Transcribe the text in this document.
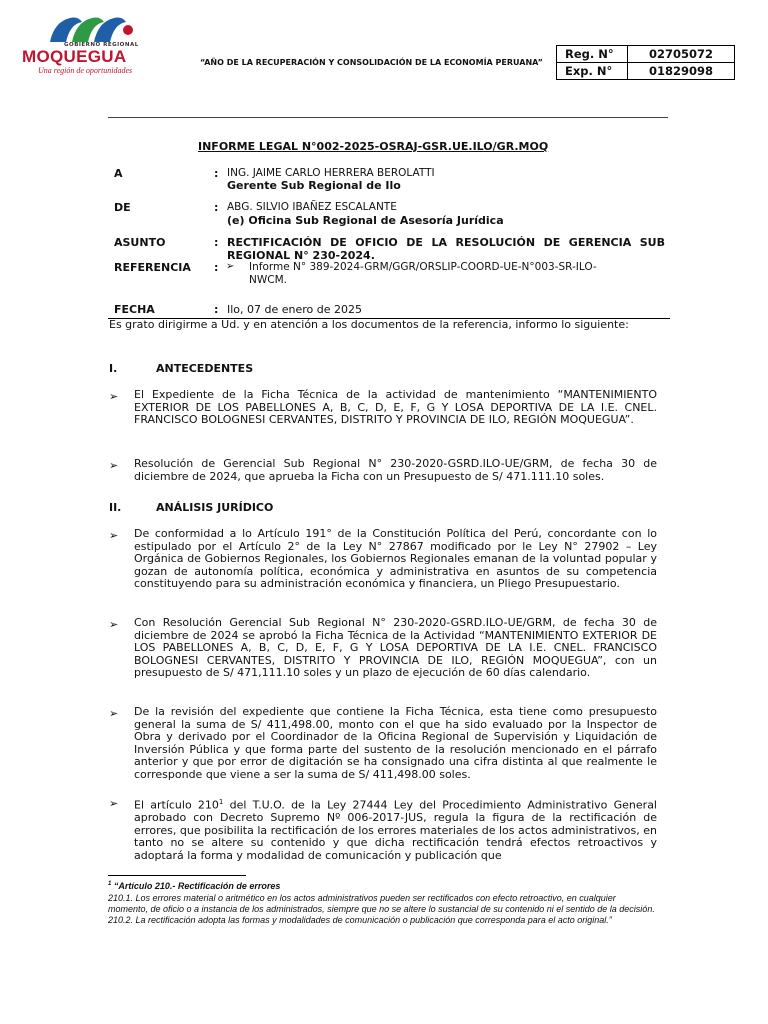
GOBIERNO REGIONAL
MOQUEGUA
Una región de oportunidades
“AÑO DE LA RECUPERACIÓN Y CONSOLIDACIÓN DE LA ECONOMÍA PERUANA”
Reg. N°	02705072
Exp. N°	01829098
INFORME LEGAL N°002-2025-OSRAJ-GSR.UE.ILO/GR.MOQ
A	: ING. JAIME CARLO HERRERA BEROLATTI
Gerente Sub Regional de Ilo
DE	: ABG. SILVIO IBAÑEZ ESCALANTE
(e) Oficina Sub Regional de Asesoría Jurídica
ASUNTO	: RECTIFICACIÓN DE OFICIO DE LA RESOLUCIÓN DE GERENCIA SUB
REGIONAL N° 230-2024.
REFERENCIA : ➢ Informe N° 389-2024-GRM/GGR/ORSLIP-COORD-UE-N°003-SR-ILO-
NWCM.
FECHA	: Ilo, 07 de enero de 2025
Es grato dirigirme a Ud. y en atención a los documentos de la referencia, informo lo siguiente:
I.	ANTECEDENTES
➢ El Expediente de la Ficha Técnica de la actividad de mantenimiento “MANTENIMIENTO EXTERIOR DE LOS PABELLONES A, B, C, D, E, F, G Y LOSA DEPORTIVA DE LA I.E. CNEL. FRANCISCO BOLOGNESI CERVANTES, DISTRITO Y PROVINCIA DE ILO, REGIÓN MOQUEGUA”.
➢ Resolución de Gerencial Sub Regional N° 230-2020-GSRD.ILO-UE/GRM, de fecha 30 de diciembre de 2024, que aprueba la Ficha con un Presupuesto de S/ 471.111.10 soles.
II.	ANÁLISIS JURÍDICO
➢ De conformidad a lo Artículo 191° de la Constitución Política del Perú, concordante con lo estipulado por el Artículo 2° de la Ley N° 27867 modificado por le Ley N° 27902 – Ley Orgánica de Gobiernos Regionales, los Gobiernos Regionales emanan de la voluntad popular y gozan de autonomía política, económica y administrativa en asuntos de su competencia constituyendo para su administración económica y financiera, un Pliego Presupuestario.
➢ Con Resolución Gerencial Sub Regional N° 230-2020-GSRD.ILO-UE/GRM, de fecha 30 de diciembre de 2024 se aprobó la Ficha Técnica de la Actividad “MANTENIMIENTO EXTERIOR DE LOS PABELLONES A, B, C, D, E, F, G Y LOSA DEPORTIVA DE LA I.E. CNEL. FRANCISCO BOLOGNESI CERVANTES, DISTRITO Y PROVINCIA DE ILO, REGIÓN MOQUEGUA”, con un presupuesto de S/ 471,111.10 soles y un plazo de ejecución de 60 días calendario.
➢ De la revisión del expediente que contiene la Ficha Técnica, esta tiene como presupuesto general la suma de S/ 411,498.00, monto con el que ha sido evaluado por la Inspector de Obra y derivado por el Coordinador de la Oficina Regional de Supervisión y Liquidación de Inversión Pública y que forma parte del sustento de la resolución mencionado en el párrafo anterior y que por error de digitación se ha consignado una cifra distinta al que realmente le corresponde que viene a ser la suma de S/ 411,498.00 soles.
➢ El artículo $210^1$ del T.U.O. de la Ley 27444 Ley del Procedimiento Administrativo General aprobado con Decreto Supremo Nº 006-2017-JUS, regula la figura de la rectificación de errores, que posibilita la rectificación de los errores materiales de los actos administrativos, en tanto no se altere su contenido y que dicha rectificación tendrá efectos retroactivos y adoptará la forma y modalidad de comunicación y publicación que
$^1$ “Artículo 210.- Rectificación de errores
210.1. Los errores material o aritmético en los actos administrativos pueden ser rectificados con efecto retroactivo, en cualquier momento, de oficio o a instancia de los administrados, siempre que no se altere lo sustancial de su contenido ni el sentido de la decisión. 210.2. La rectificación adopta las formas y modalidades de comunicación o publicación que corresponda para el acto original.”
